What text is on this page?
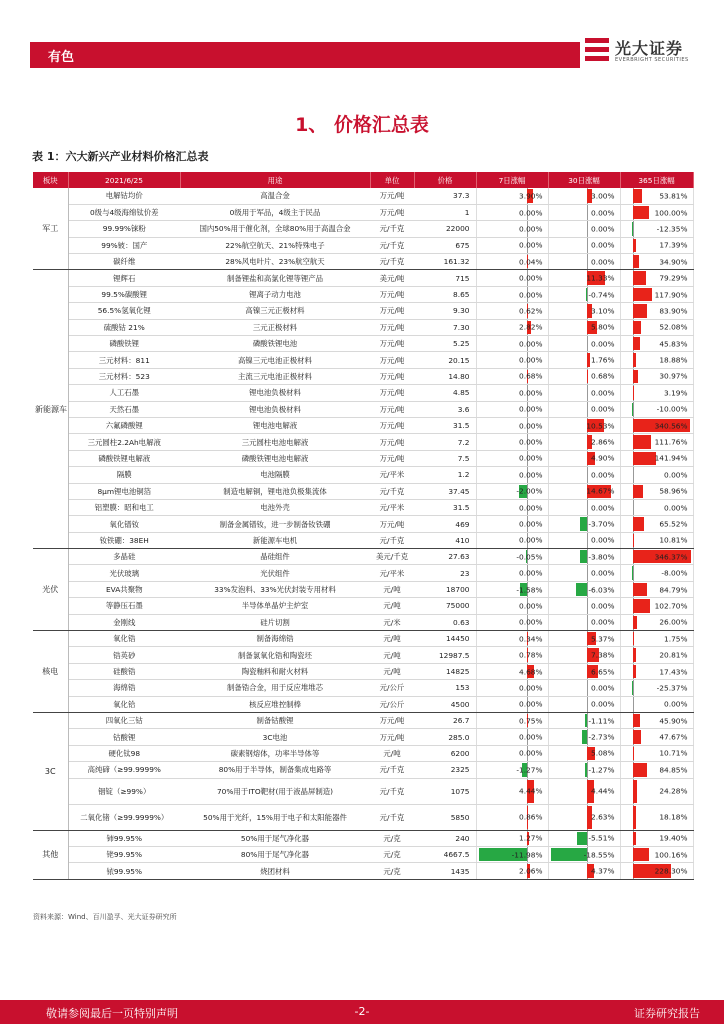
有色	光大证券
EVERBRIGHT SECURITIES
1、 价格汇总表
表 1：六大新兴产业材料价格汇总表
板块	2021/6/25	用途	单位	价格	7日涨幅	30日涨幅	365日涨幅
军工	电解钴均价	高温合金	万元/吨	37.3	3.90%	3.00%	53.81%

	0级与4级海绵钛价差	0级用于军品，4级主于民品	万元/吨	1	0.00%	0.00%	100.00%

	99.99%铼粉	国内50%用于催化剂，全球80%用于高温合金	元/千克	22000	0.00%	0.00%	-12.35%

	99%铍：国产	22%航空航天、21%特殊电子	元/千克	675	0.00%	0.00%	17.39%

	碳纤维	28%风电叶片、23%航空航天	元/千克	161.32	0.04%	0.00%	34.90%

新能源车	锂辉石	制备锂盐和高氯化锂等锂产品	美元/吨	715	0.00%	11.33%	79.29%

	99.5%碳酸锂	锂离子动力电池	万元/吨	8.65	0.00%	-0.74%	117.90%

	56.5%氢氧化锂	高镍三元正极材料	万元/吨	9.30	0.62%	3.10%	83.90%

	硫酸钴 21%	三元正极材料	万元/吨	7.30	2.82%	5.80%	52.08%

	磷酸铁锂	磷酸铁锂电池	万元/吨	5.25	0.00%	0.00%	45.83%

	三元材料：811	高镍三元电池正极材料	万元/吨	20.15	0.00%	1.76%	18.88%

	三元材料：523	主流三元电池正极材料	万元/吨	14.80	0.68%	0.68%	30.97%

	人工石墨	锂电池负极材料	万元/吨	4.85	0.00%	0.00%	3.19%

	天然石墨	锂电池负极材料	万元/吨	3.6	0.00%	0.00%	-10.00%

	六氟磷酸锂	锂电池电解液	万元/吨	31.5	0.00%	10.53%	340.56%

	三元圆柱2.2Ah电解液	三元圆柱电池电解液	万元/吨	7.2	0.00%	2.86%	111.76%

	磷酸铁锂电解液	磷酸铁锂电池电解液	万元/吨	7.5	0.00%	4.90%	141.94%

	隔膜	电池隔膜	元/平米	1.2	0.00%	0.00%	0.00%

	8μm锂电池铜箔	制造电解铜，锂电池负极集流体	元/千克	37.45	-2.00%	14.67%	58.96%

	铝塑膜：昭和电工	电池外壳	元/平米	31.5	0.00%	0.00%	0.00%

	氧化镨钕	制备金属镨钕，进一步制备钕铁硼	万元/吨	469	0.00%	-3.70%	65.52%

	钕铁硼：38EH	新能源车电机	元/千克	410	0.00%	0.00%	10.81%

光伏	多晶硅	晶硅组件	美元/千克	27.63	-0.05%	-3.80%	346.37%

	光伏玻璃	光伏组件	元/平米	23	0.00%	0.00%	-8.00%

	EVA共聚物	33%发泡料、33%光伏封装专用材料	元/吨	18700	-1.58%	-6.03%	84.79%

	等静压石墨	半导体单晶炉主炉室	元/吨	75000	0.00%	0.00%	102.70%

	金刚线	硅片切割	元/米	0.63	0.00%	0.00%	26.00%

核电	氧化锆	制备海绵锆	元/吨	14450	0.34%	5.37%	1.75%

	锆英砂	制备氯氧化锆和陶瓷坯	元/吨	12987.5	0.78%	7.38%	20.81%

	硅酸锆	陶瓷釉料和耐火材料	元/吨	14825	4.68%	6.65%	17.43%

	海绵锆	制备锆合金，用于反应堆堆芯	元/公斤	153	0.00%	0.00%	-25.37%

	氧化铪	核反应堆控制棒	元/公斤	4500	0.00%	0.00%	0.00%

3C	四氧化三钴	制备钴酸锂	万元/吨	26.7	0.75%	-1.11%	45.90%

	钴酸锂	3C电池	万元/吨	285.0	0.00%	-2.73%	47.67%

	硬化钛98	碳素钢熔体，功率半导体等	元/吨	6200	0.00%	5.08%	10.71%

	高纯碲（≥99.9999%	80%用于半导体，制备集成电路等	元/千克	2325	-1.27%	-1.27%	84.85%

	铟锭（≥99%）	70%用于ITO靶材(用于液晶屏制造)	元/千克	1075	4.44%	4.44%	24.28%

	二氧化锗（≥99.9999%）	50%用于光纤，15%用于电子和太阳能器件	元/千克	5850	0.86%	2.63%	18.18%

其他	铈99.95%	50%用于尾气净化器	元/克	240	1.27%	-5.51%	19.40%

	铑99.95%	80%用于尾气净化器	元/克	4667.5	-11.98%	-18.55%	100.16%

	铱99.95%	烧团材料	元/克	1435	2.06%	4.37%	228.30%
资料来源：Wind、百川盈孚、光大证券研究所
敬请参阅最后一页特别声明	-2-	证券研究报告
